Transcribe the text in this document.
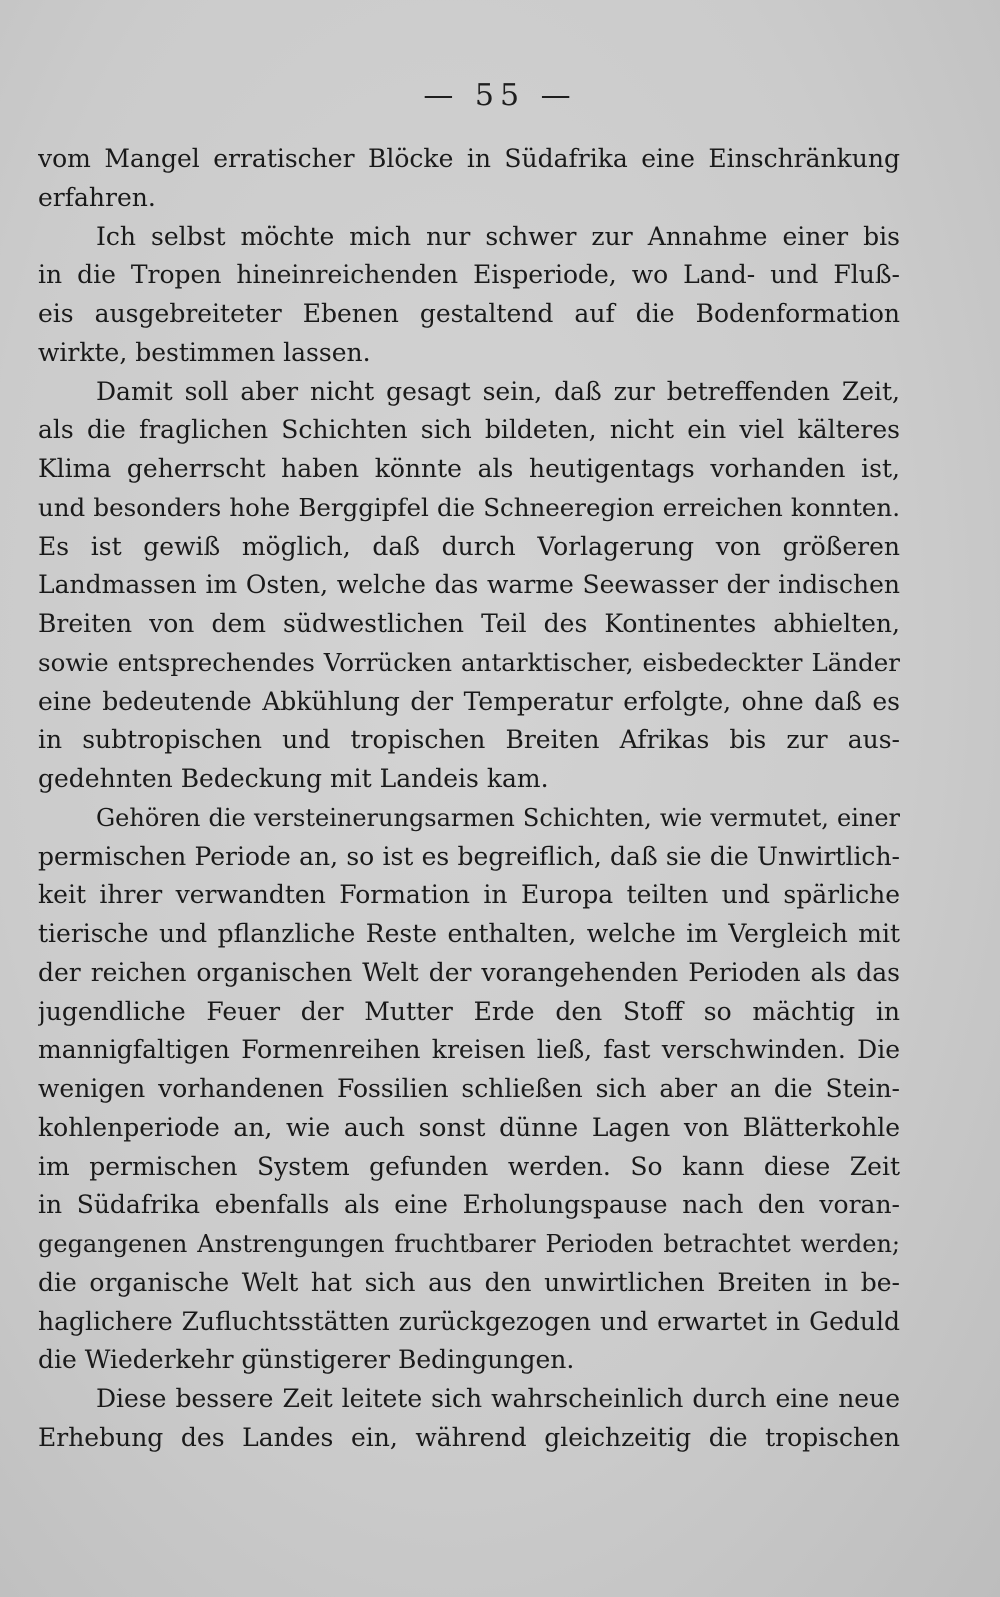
— 55 —
vom Mangel erratischer Blöcke in Südafrika eine Einschränkung
erfahren.
Ich selbst möchte mich nur schwer zur Annahme einer bis
in die Tropen hineinreichenden Eisperiode, wo Land- und Fluß-
eis ausgebreiteter Ebenen gestaltend auf die Bodenformation
wirkte, bestimmen lassen.
Damit soll aber nicht gesagt sein, daß zur betreffenden Zeit,
als die fraglichen Schichten sich bildeten, nicht ein viel kälteres
Klima geherrscht haben könnte als heutigentags vorhanden ist,
und besonders hohe Berggipfel die Schneeregion erreichen konnten.
Es ist gewiß möglich, daß durch Vorlagerung von größeren
Landmassen im Osten, welche das warme Seewasser der indischen
Breiten von dem südwestlichen Teil des Kontinentes abhielten,
sowie entsprechendes Vorrücken antarktischer, eisbedeckter Länder
eine bedeutende Abkühlung der Temperatur erfolgte, ohne daß es
in subtropischen und tropischen Breiten Afrikas bis zur aus-
gedehnten Bedeckung mit Landeis kam.
Gehören die versteinerungsarmen Schichten, wie vermutet, einer
permischen Periode an, so ist es begreiflich, daß sie die Unwirtlich-
keit ihrer verwandten Formation in Europa teilten und spärliche
tierische und pflanzliche Reste enthalten, welche im Vergleich mit
der reichen organischen Welt der vorangehenden Perioden als das
jugendliche Feuer der Mutter Erde den Stoff so mächtig in
mannigfaltigen Formenreihen kreisen ließ, fast verschwinden. Die
wenigen vorhandenen Fossilien schließen sich aber an die Stein-
kohlenperiode an, wie auch sonst dünne Lagen von Blätterkohle
im permischen System gefunden werden. So kann diese Zeit
in Südafrika ebenfalls als eine Erholungspause nach den voran-
gegangenen Anstrengungen fruchtbarer Perioden betrachtet werden;
die organische Welt hat sich aus den unwirtlichen Breiten in be-
haglichere Zufluchtsstätten zurückgezogen und erwartet in Geduld
die Wiederkehr günstigerer Bedingungen.
Diese bessere Zeit leitete sich wahrscheinlich durch eine neue
Erhebung des Landes ein, während gleichzeitig die tropischen
